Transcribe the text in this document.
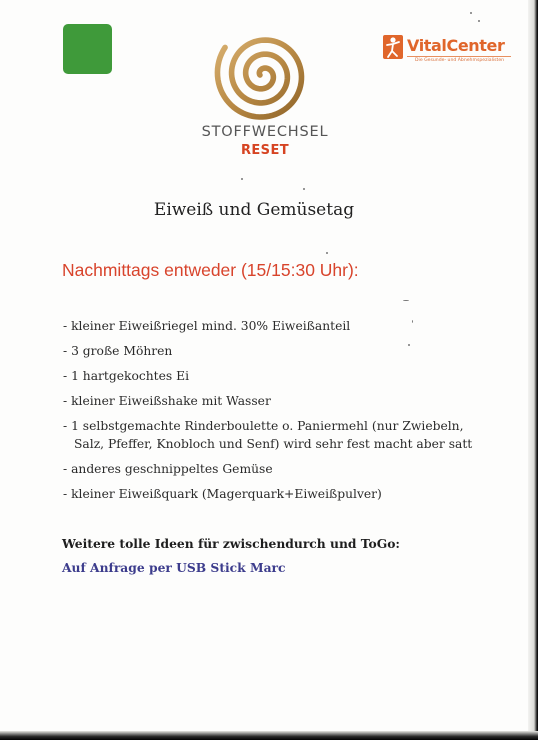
STOFFWECHSEL
RESET
VitalCenter
Die Gesunde- und Abnehmspezialisten
Eiweiß und Gemüsetag
Nachmittags entweder (15/15:30 Uhr):
- kleiner Eiweißriegel mind. 30% Eiweißanteil
- 3 große Möhren
- 1 hartgekochtes Ei
- kleiner Eiweißshake mit Wasser
- 1 selbstgemachte Rinderboulette o. Paniermehl (nur Zwiebeln,
Salz, Pfeffer, Knobloch und Senf) wird sehr fest macht aber satt
- anderes geschnippeltes Gemüse
- kleiner Eiweißquark (Magerquark+Eiweißpulver)
Weitere tolle Ideen für zwischendurch und ToGo:
Auf Anfrage per USB Stick Marc
